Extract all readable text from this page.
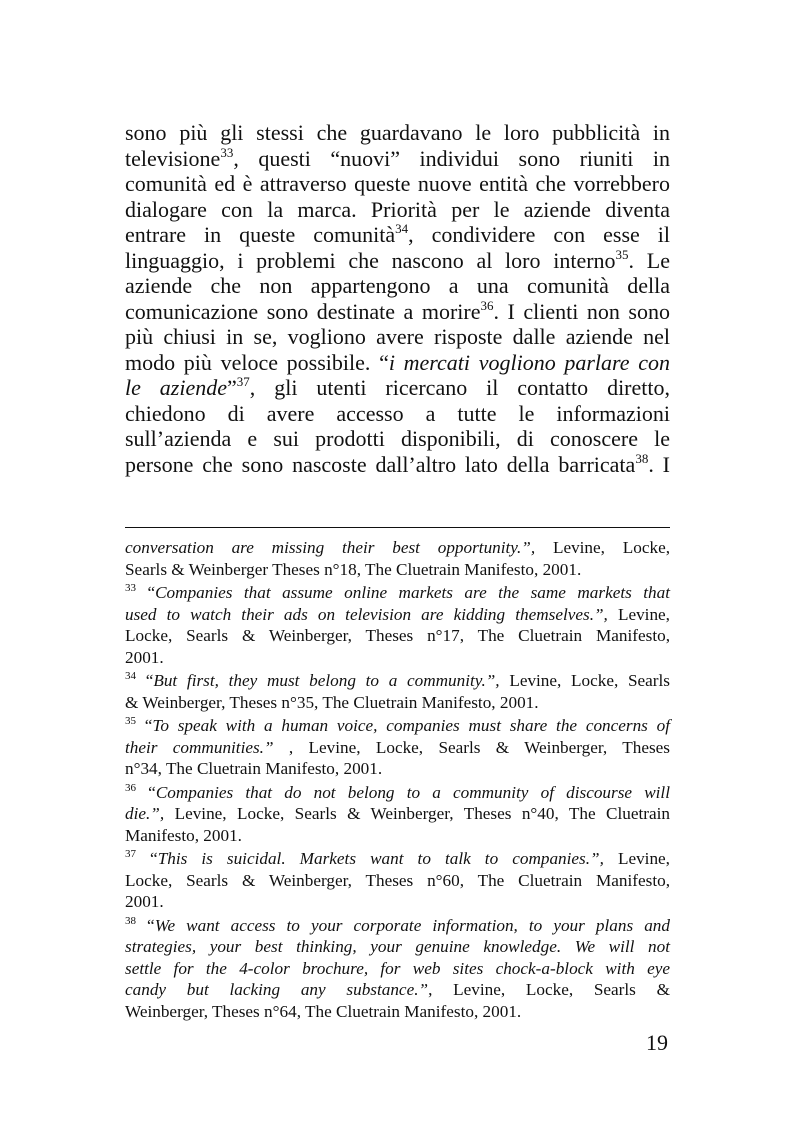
sono più gli stessi che guardavano le loro pubblicità in
televisione$^{33}$, questi “nuovi” individui sono riuniti in
comunità ed è attraverso queste nuove entità che vorrebbero
dialogare con la marca. Priorità per le aziende diventa
entrare in queste comunità$^{34}$, condividere con esse il
linguaggio, i problemi che nascono al loro interno$^{35}$. Le
aziende che non appartengono a una comunità della
comunicazione sono destinate a morire$^{36}$. I clienti non sono
più chiusi in se, vogliono avere risposte dalle aziende nel
modo più veloce possibile. “i mercati vogliono parlare con
le aziende”$^{37}$, gli utenti ricercano il contatto diretto,
chiedono di avere accesso a tutte le informazioni
sull’azienda e sui prodotti disponibili, di conoscere le
persone che sono nascoste dall’altro lato della barricata$^{38}$. I
conversation are missing their best opportunity.”, Levine, Locke,
Searls & Weinberger Theses n°18, The Cluetrain Manifesto, 2001.
$^{33}$ “Companies that assume online markets are the same markets that
used to watch their ads on television are kidding themselves.”, Levine,
Locke, Searls & Weinberger, Theses n°17, The Cluetrain Manifesto,
2001.
$^{34}$ “But first, they must belong to a community.”, Levine, Locke, Searls
& Weinberger, Theses n°35, The Cluetrain Manifesto, 2001.
$^{35}$ “To speak with a human voice, companies must share the concerns of
their communities.” , Levine, Locke, Searls & Weinberger, Theses
n°34, The Cluetrain Manifesto, 2001.
$^{36}$ “Companies that do not belong to a community of discourse will
die.”, Levine, Locke, Searls & Weinberger, Theses n°40, The Cluetrain
Manifesto, 2001.
$^{37}$ “This is suicidal. Markets want to talk to companies.”, Levine,
Locke, Searls & Weinberger, Theses n°60, The Cluetrain Manifesto,
2001.
$^{38}$ “We want access to your corporate information, to your plans and
strategies, your best thinking, your genuine knowledge. We will not
settle for the 4-color brochure, for web sites chock-a-block with eye
candy but lacking any substance.”, Levine, Locke, Searls &
Weinberger, Theses n°64, The Cluetrain Manifesto, 2001.
19
